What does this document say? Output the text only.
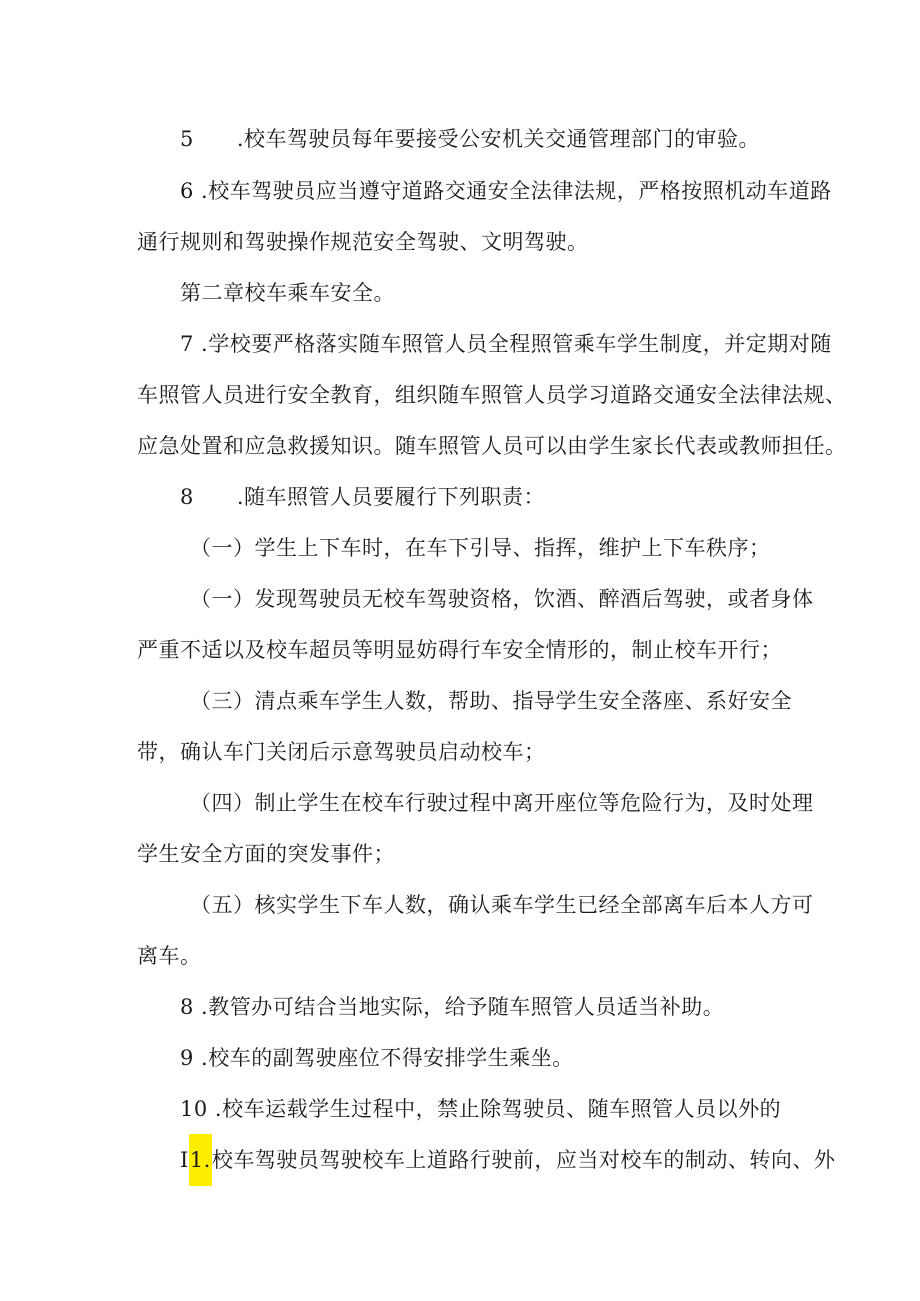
5　　.校车驾驶员每年要接受公安机关交通管理部门的审验。
6 .校车驾驶员应当遵守道路交通安全法律法规，严格按照机动车道路
通行规则和驾驶操作规范安全驾驶、文明驾驶。
第二章校车乘车安全。
7 .学校要严格落实随车照管人员全程照管乘车学生制度，并定期对随
车照管人员进行安全教育，组织随车照管人员学习道路交通安全法律法规、
应急处置和应急救援知识。随车照管人员可以由学生家长代表或教师担任。
8　　.随车照管人员要履行下列职责：
（一）学生上下车时，在车下引导、指挥，维护上下车秩序；
（一）发现驾驶员无校车驾驶资格，饮酒、醉酒后驾驶，或者身体
严重不适以及校车超员等明显妨碍行车安全情形的，制止校车开行；
（三）清点乘车学生人数，帮助、指导学生安全落座、系好安全
带，确认车门关闭后示意驾驶员启动校车；
（四）制止学生在校车行驶过程中离开座位等危险行为，及时处理
学生安全方面的突发事件；
（五）核实学生下车人数，确认乘车学生已经全部离车后本人方可
离车。
8 .教管办可结合当地实际，给予随车照管人员适当补助。
9 .校车的副驾驶座位不得安排学生乘坐。
10 .校车运载学生过程中，禁止除驾驶员、随车照管人员以外的
I1.校车驾驶员驾驶校车上道路行驶前，应当对校车的制动、转向、外
